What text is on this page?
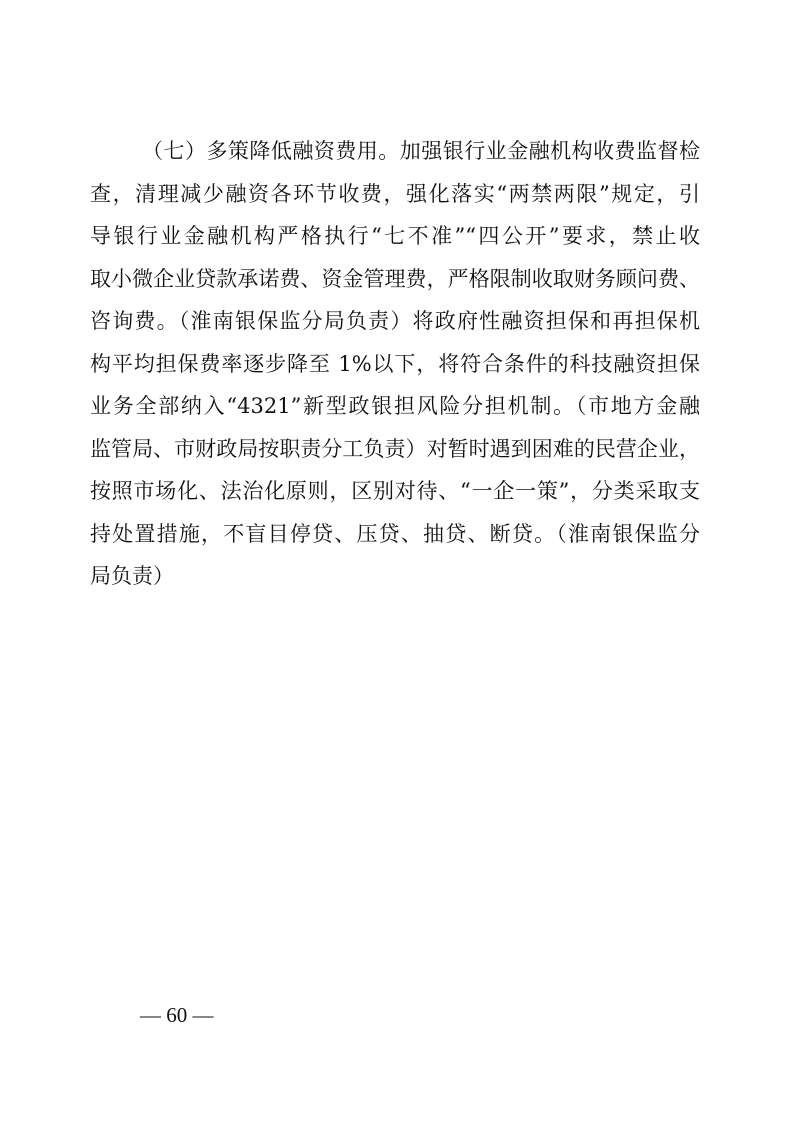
（七）多策降低融资费用。加强银行业金融机构收费监督检
查，清理减少融资各环节收费，强化落实“两禁两限”规定，引
导银行业金融机构严格执行“七不准”“四公开”要求，禁止收
取小微企业贷款承诺费、资金管理费，严格限制收取财务顾问费、
咨询费。（淮南银保监分局负责）将政府性融资担保和再担保机
构平均担保费率逐步降至 1%以下，将符合条件的科技融资担保
业务全部纳入“4321”新型政银担风险分担机制。（市地方金融
监管局、市财政局按职责分工负责）对暂时遇到困难的民营企业，
按照市场化、法治化原则，区别对待、“一企一策”，分类采取支
持处置措施，不盲目停贷、压贷、抽贷、断贷。（淮南银保监分
局负责）
— 60 —
